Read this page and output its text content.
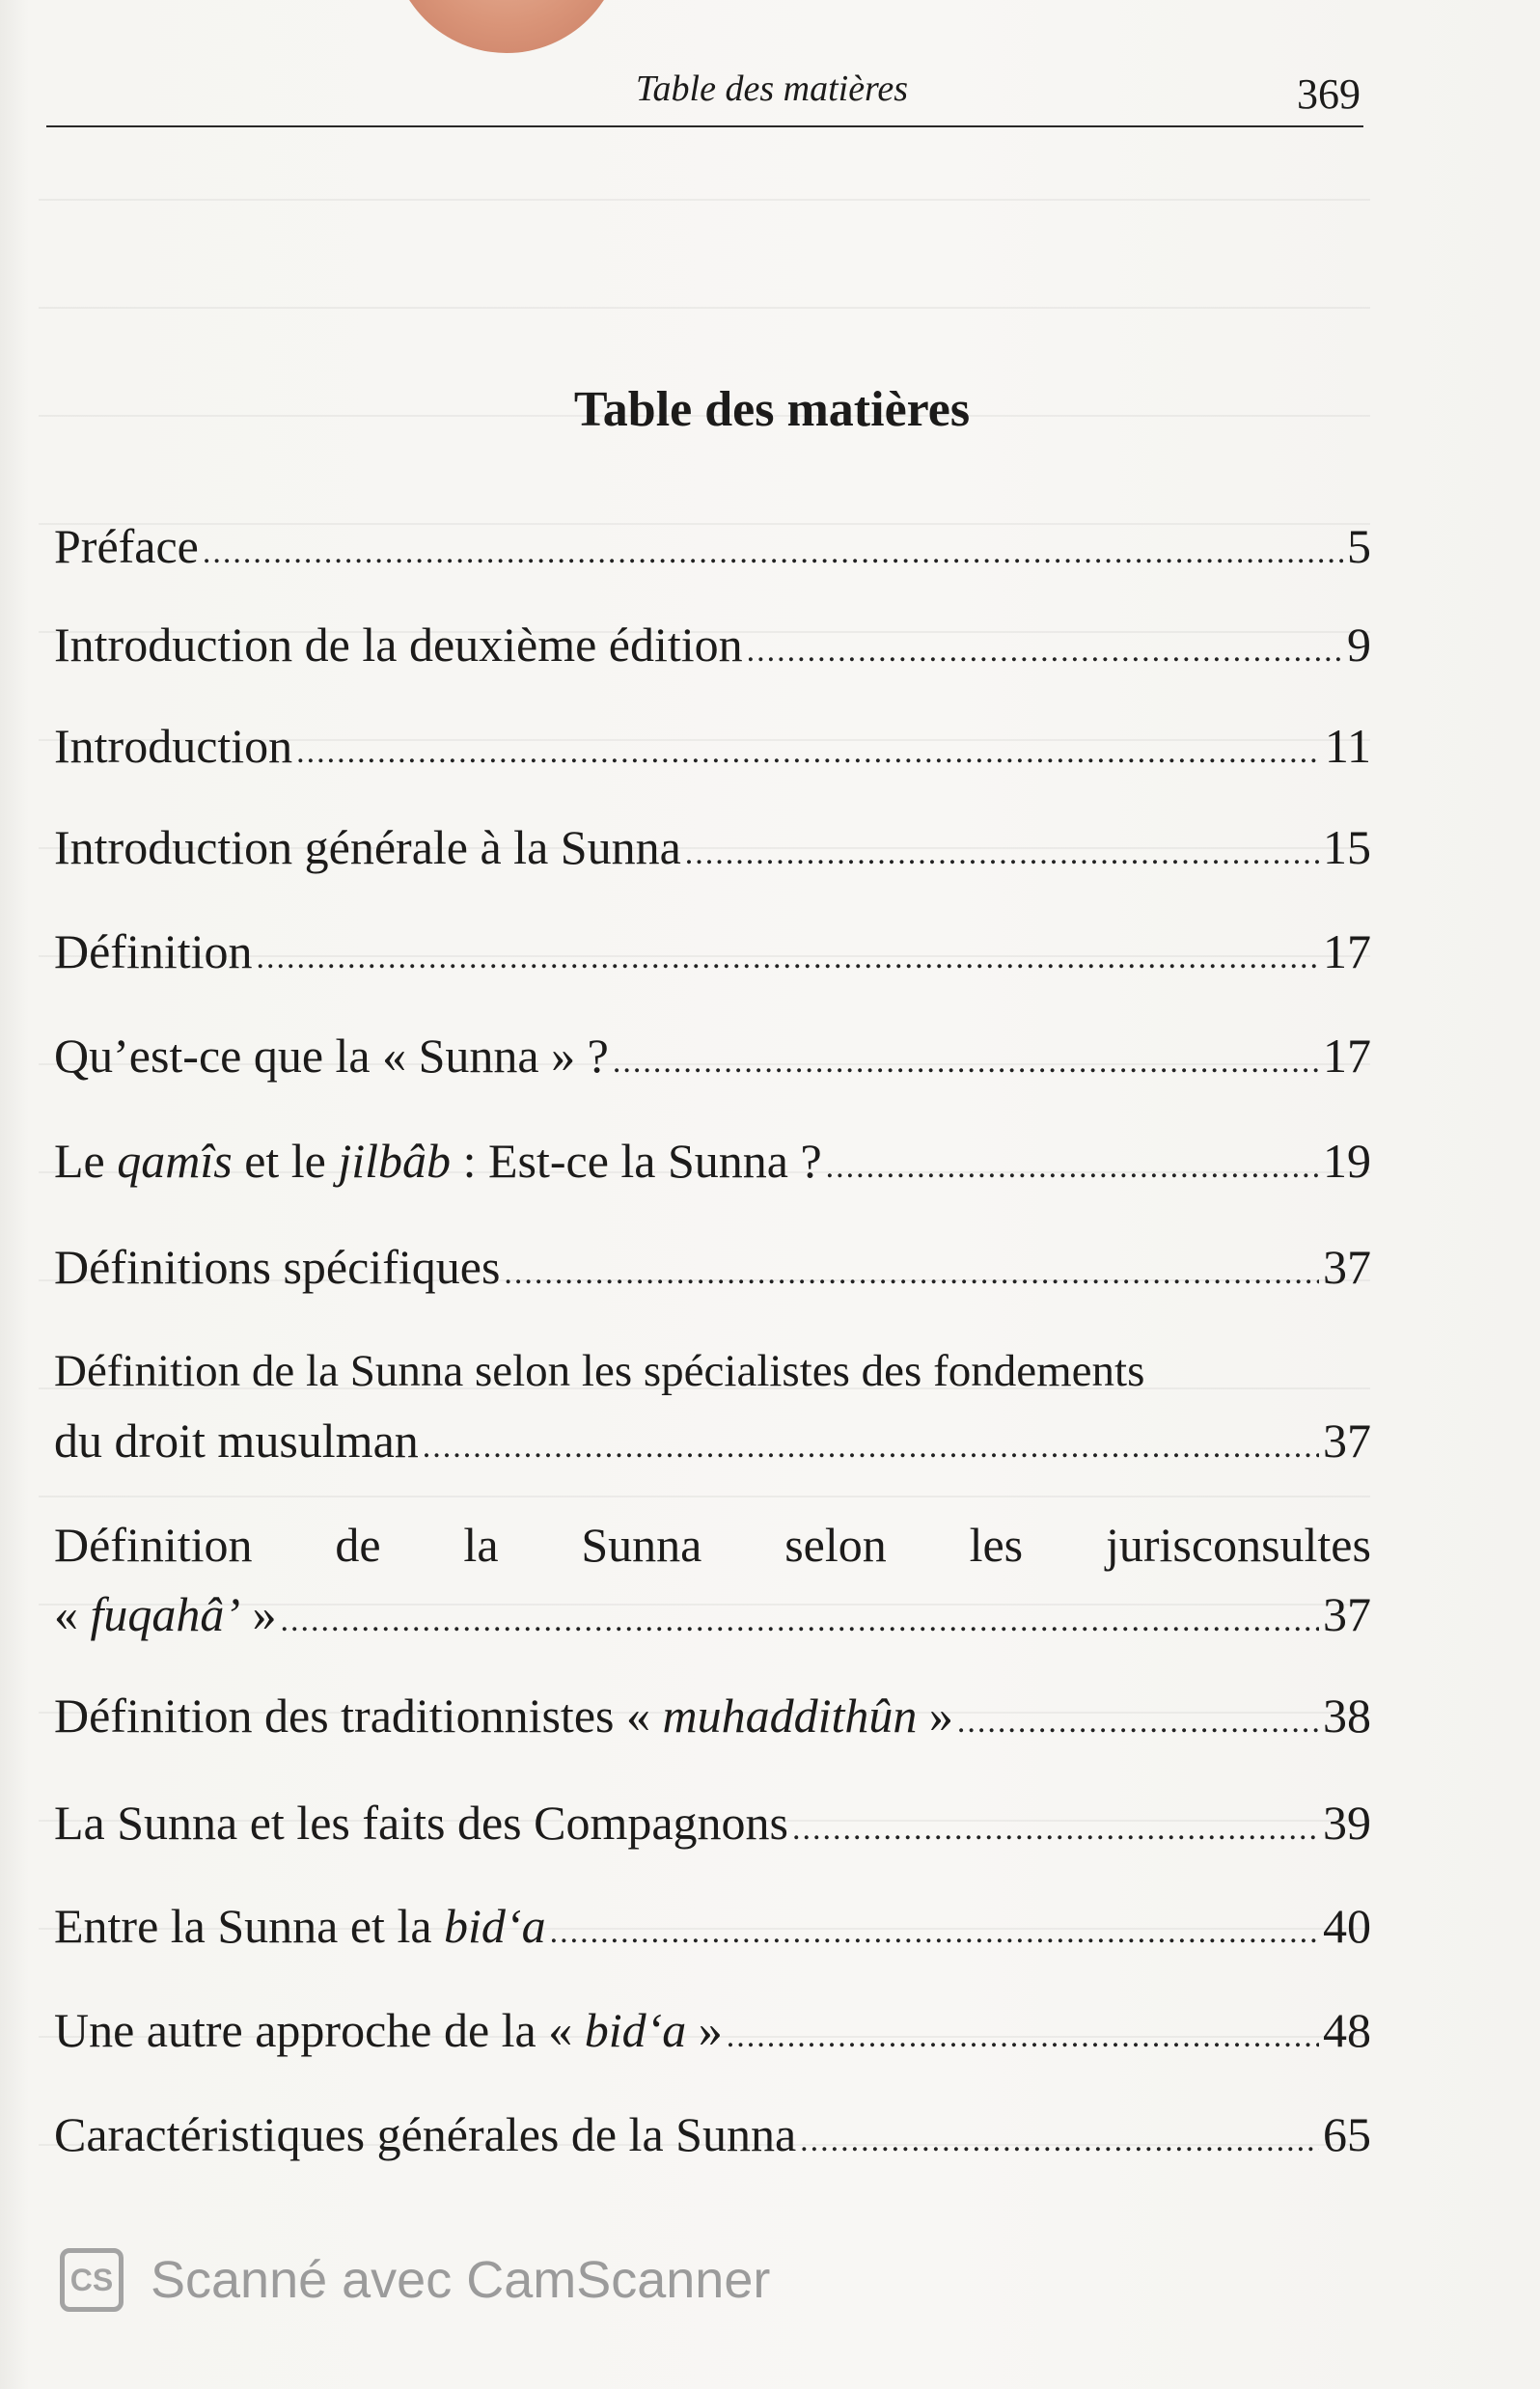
Table des matières	369
Table des matières
Préface .....	5
Introduction de la deuxième édition .....	9
Introduction .....	11
Introduction générale à la Sunna .....	15
Définition .....	17
Qu’est-ce que la « Sunna » ? .....	17
Le qamîs et le jilbâb : Est-ce la Sunna ? .....	19
Définitions spécifiques .....	37
Définition de la Sunna selon les spécialistes des fondements
du droit musulman .....	37
Définition de la Sunna selon les jurisconsultes
« fuqahâ’ » .....	37
Définition des traditionnistes « muhaddithûn » .....	38
La Sunna et les faits des Compagnons .....	39
Entre la Sunna et la bid‘a .....	40
Une autre approche de la « bid‘a » .....	48
Caractéristiques générales de la Sunna .....	65
CS Scanné avec CamScanner
